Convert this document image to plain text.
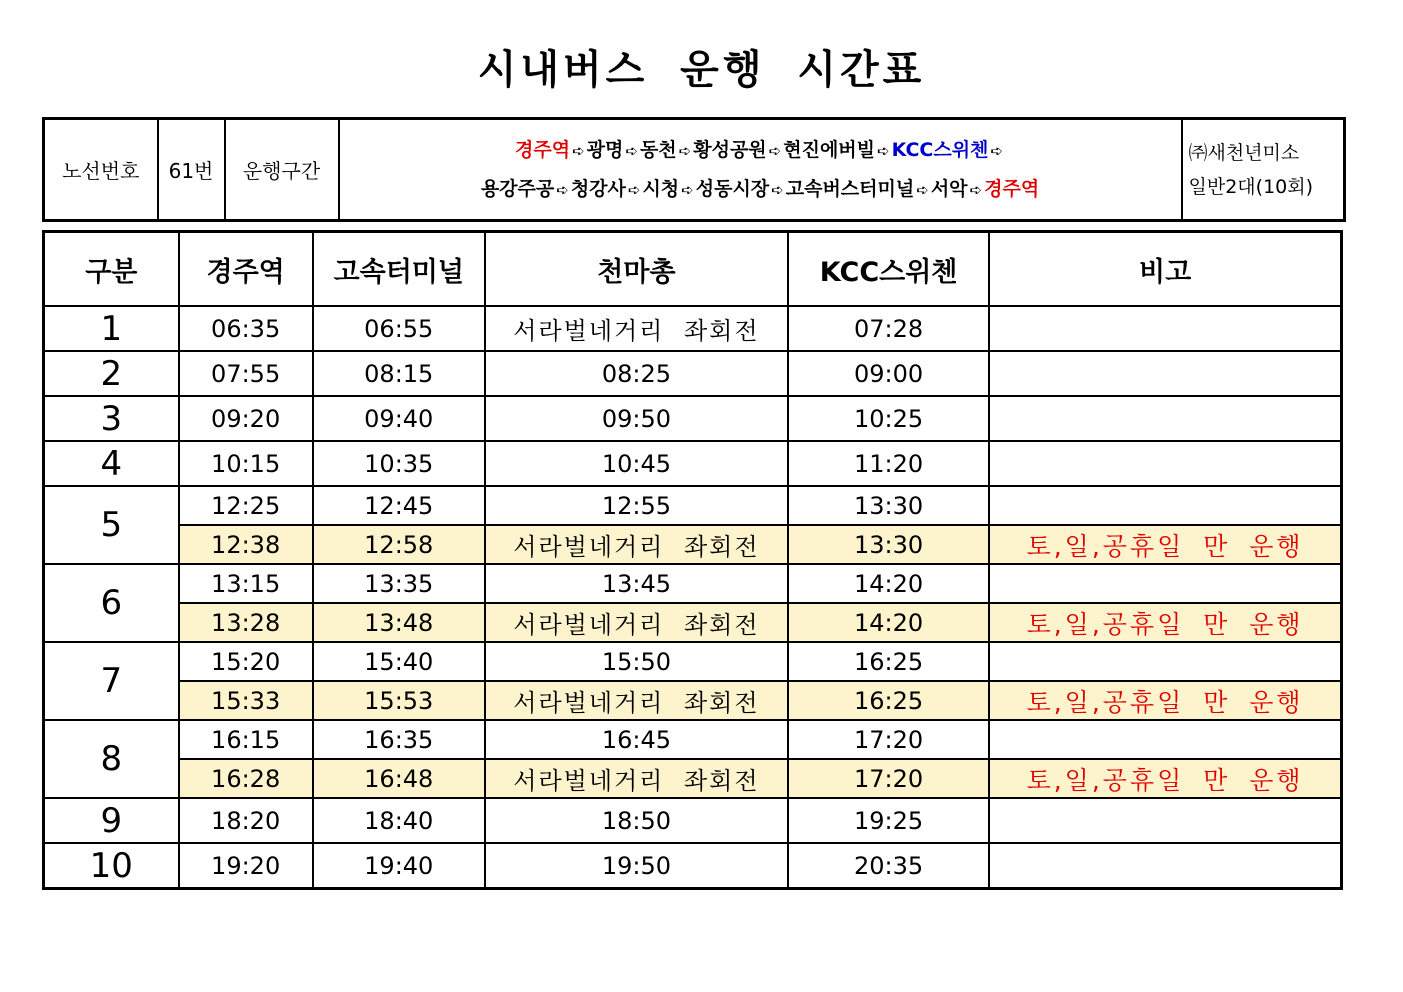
시내버스 운행 시간표
노선번호	61번	운행구간	
경주역 ➪ 광명 ➪ 동천 ➪ 황성공원 ➪ 현진에버빌 ➪ KCC스위첸 ➪
용강주공 ➪ 청강사 ➪ 시청 ➪ 성동시장 ➪ 고속버스터미널 ➪ 서악 ➪ 경주역

㈜새천년미소
일반2대(10회)
구분	경주역	고속터미널	천마총	KCC스위첸	비고
1	06:35	06:55	서라벌네거리 좌회전	07:28	
2	07:55	08:15	08:25	09:00	
3	09:20	09:40	09:50	10:25	
4	10:15	10:35	10:45	11:20	
5	12:25	12:45	12:55	13:30	
	12:38	12:58	서라벌네거리 좌회전	13:30	토,일,공휴일 만 운행
6	13:15	13:35	13:45	14:20	
	13:28	13:48	서라벌네거리 좌회전	14:20	토,일,공휴일 만 운행
7	15:20	15:40	15:50	16:25	
	15:33	15:53	서라벌네거리 좌회전	16:25	토,일,공휴일 만 운행
8	16:15	16:35	16:45	17:20	
	16:28	16:48	서라벌네거리 좌회전	17:20	토,일,공휴일 만 운행
9	18:20	18:40	18:50	19:25	
10	19:20	19:40	19:50	20:35	
